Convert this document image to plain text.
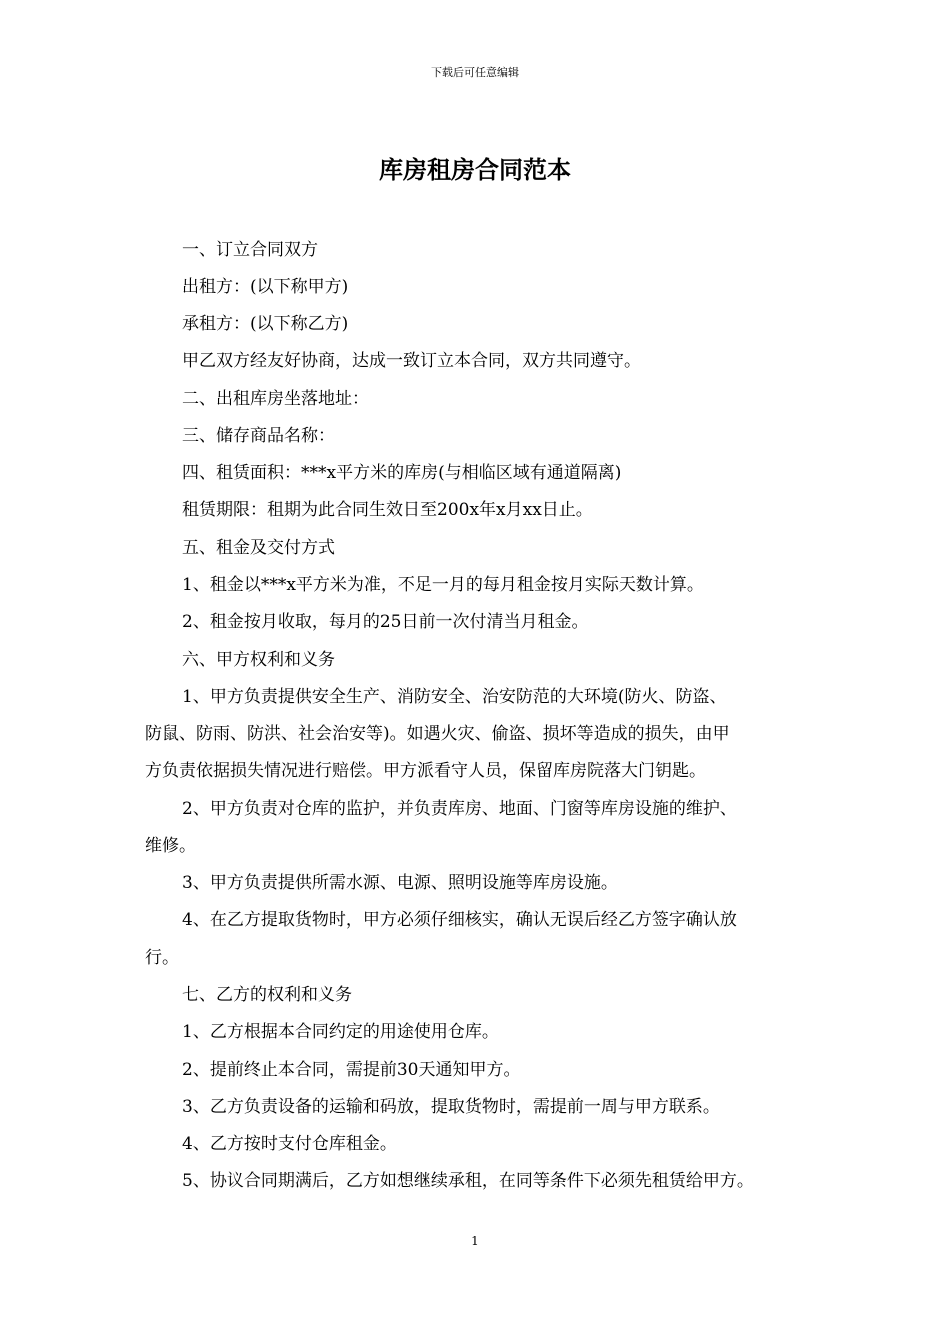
下载后可任意编辑
库房租房合同范本
一、订立合同双方
出租方：(以下称甲方)
承租方：(以下称乙方)
甲乙双方经友好协商，达成一致订立本合同，双方共同遵守。
二、出租库房坐落地址：
三、储存商品名称：
四、租赁面积：***x平方米的库房(与相临区域有通道隔离)
租赁期限：租期为此合同生效日至200x年x月xx日止。
五、租金及交付方式
1、租金以***x平方米为准，不足一月的每月租金按月实际天数计算。
2、租金按月收取，每月的25日前一次付清当月租金。
六、甲方权利和义务
1、甲方负责提供安全生产、消防安全、治安防范的大环境(防火、防盗、
防鼠、防雨、防洪、社会治安等)。如遇火灾、偷盗、损坏等造成的损失，由甲
方负责依据损失情况进行赔偿。甲方派看守人员，保留库房院落大门钥匙。
2、甲方负责对仓库的监护，并负责库房、地面、门窗等库房设施的维护、
维修。
3、甲方负责提供所需水源、电源、照明设施等库房设施。
4、在乙方提取货物时，甲方必须仔细核实，确认无误后经乙方签字确认放
行。
七、乙方的权利和义务
1、乙方根据本合同约定的用途使用仓库。
2、提前终止本合同，需提前30天通知甲方。
3、乙方负责设备的运输和码放，提取货物时，需提前一周与甲方联系。
4、乙方按时支付仓库租金。
5、协议合同期满后，乙方如想继续承租，在同等条件下必须先租赁给甲方。
1
